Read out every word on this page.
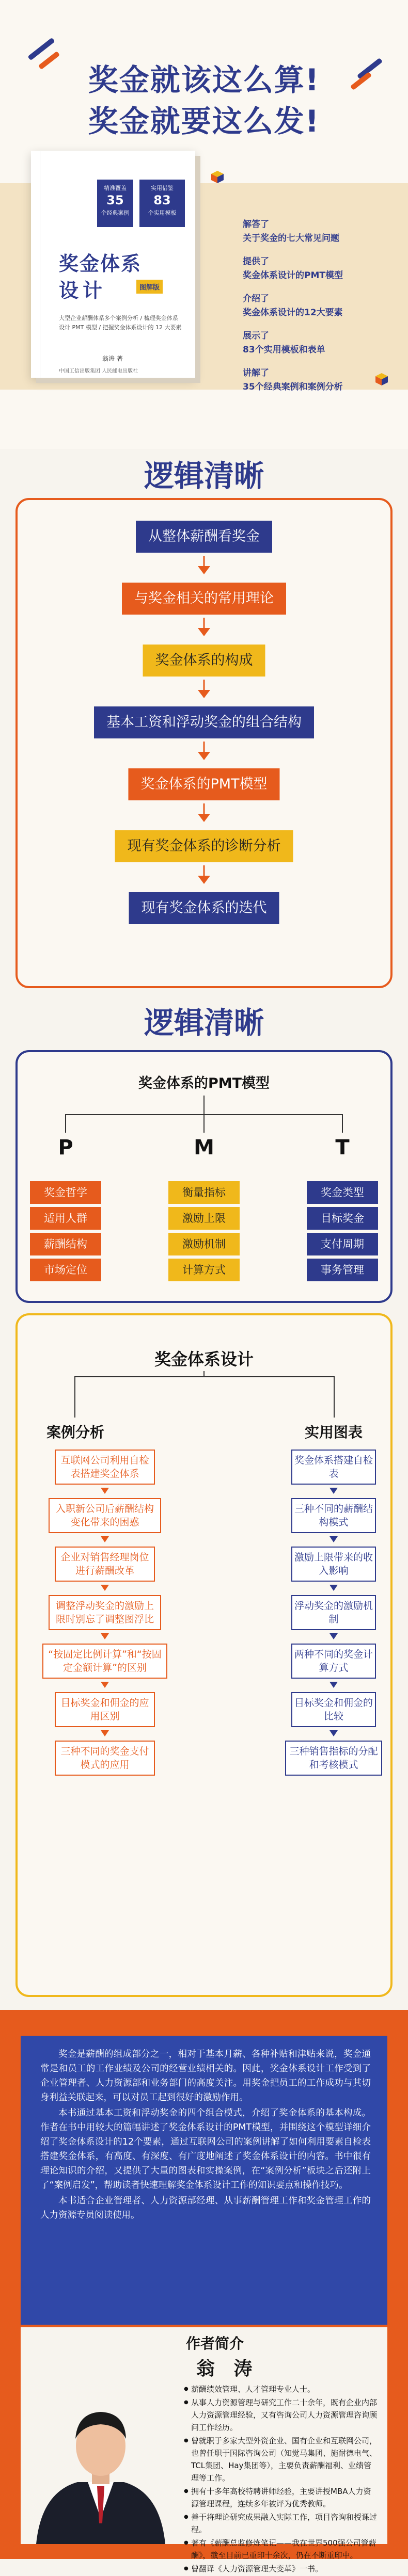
奖金就该这么算!
奖金就要这么发!
精准覆盖
35
个经典案例
实用借鉴
83
个实用模板
奖金体系
设计	图解版
大型企业薪酬体系多个案例分析 / 梳理奖金体系设计 PMT 模型 / 把握奖金体系设计的 12 大要素
翁涛 著
中国工信出版集团 人民邮电出版社
解答了
关于奖金的七大常见问题
提供了
奖金体系设计的PMT模型
介绍了
奖金体系设计的12大要素
展示了
83个实用模板和表单
讲解了
35个经典案例和案例分析
逻辑清晰
从整体薪酬看奖金
与奖金相关的常用理论
奖金体系的构成
基本工资和浮动奖金的组合结构
奖金体系的PMT模型
现有奖金体系的诊断分析
现有奖金体系的迭代
逻辑清晰
奖金体系的PMT模型
P	M	T
奖金哲学
适用人群
薪酬结构
市场定位
衡量指标
激励上限
激励机制
计算方式
奖金类型
目标奖金
支付周期
事务管理
奖金体系设计
案例分析	实用图表
互联网公司利用自检表搭建奖金体系
入职新公司后薪酬结构变化带来的困惑
企业对销售经理岗位进行薪酬改革
调整浮动奖金的激励上限时别忘了调整图浮比
“按固定比例计算”和“按固定金额计算”的区别
目标奖金和佣金的应用区别
三种不同的奖金支付模式的应用
奖金体系搭建自检表
三种不同的薪酬结构模式
激励上限带来的收入影响
浮动奖金的激励机制
两种不同的奖金计算方式
目标奖金和佣金的比较
三种销售指标的分配和考核模式

奖金是薪酬的组成部分之一，相对于基本月薪、各种补贴和津贴来说，奖金通常是和员工的工作业绩及公司的经营业绩相关的。因此，奖金体系设计工作受到了企业管理者、人力资源部和业务部门的高度关注。用奖金把员工的工作成功与其切身利益关联起来，可以对员工起到很好的激励作用。

本书通过基本工资和浮动奖金的四个组合模式，介绍了奖金体系的基本构成。作者在书中用较大的篇幅讲述了奖金体系设计的PMT模型，并围绕这个模型详细介绍了奖金体系设计的12个要素，通过互联网公司的案例讲解了如何利用要素自检表搭建奖金体系，有高度、有深度、有广度地阐述了奖金体系设计的内容。书中很有理论知识的介绍，又提供了大量的图表和实操案例，在“案例分析”板块之后还附上了“案例启发”，帮助读者快速理解奖金体系设计工作的知识要点和操作技巧。

本书适合企业管理者、人力资源部经理、从事薪酬管理工作和奖金管理工作的人力资源专员阅读使用。

作者简介
翁 涛
● 薪酬绩效管理、人才管理专业人士。
● 从事人力资源管理与研究工作二十余年，既有企业内部人力资源管理经验，又有咨询公司人力资源管理咨询顾问工作经历。
● 曾就职于多家大型外资企业、国有企业和互联网公司，也曾任职于国际咨询公司（知觉马集团、施耐德电气、TCL集团、Hay集团等），主要负责薪酬福利、业绩管理等工作。
● 拥有十多年高校特聘讲师经验，主要讲授MBA人力资源管理课程，连续多年被评为优秀教师。
● 善于将理论研究成果融入实际工作，项目咨询和授课过程。
● 著有《薪酬总监修炼笔记——我在世界500强公司管薪酬》，截至目前已重印十余次，仍在不断重印中。
● 曾翻译《人力资源管理大变革》一书。
